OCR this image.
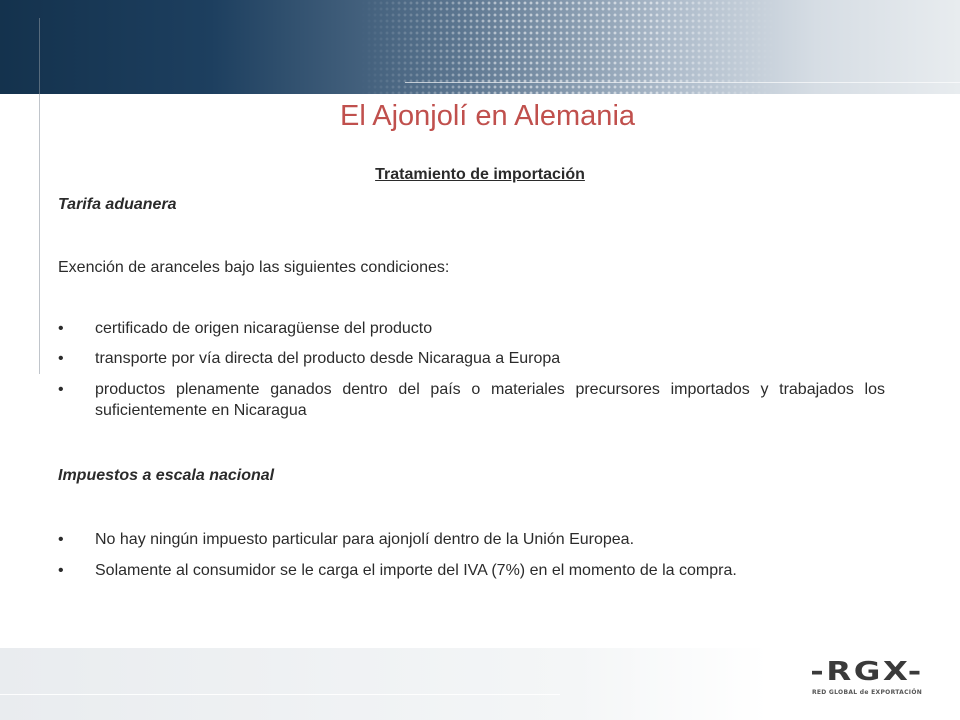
-RGX-
RED GLOBAL de EXPORTACIÓN
El Ajonjolí en Alemania
Tratamiento de importación
Tarifa aduanera
Exención de aranceles bajo las siguientes condiciones:
• certificado de origen nicaragüense del producto
• transporte por vía directa del producto desde Nicaragua a Europa
• productos plenamente ganados dentro del país o materiales precursores importados y trabajados los suficientemente en Nicaragua
Impuestos a escala nacional
• No hay ningún impuesto particular para ajonjolí dentro de la Unión Europea.
• Solamente al consumidor se le carga el importe del IVA (7%) en el momento de la compra.
